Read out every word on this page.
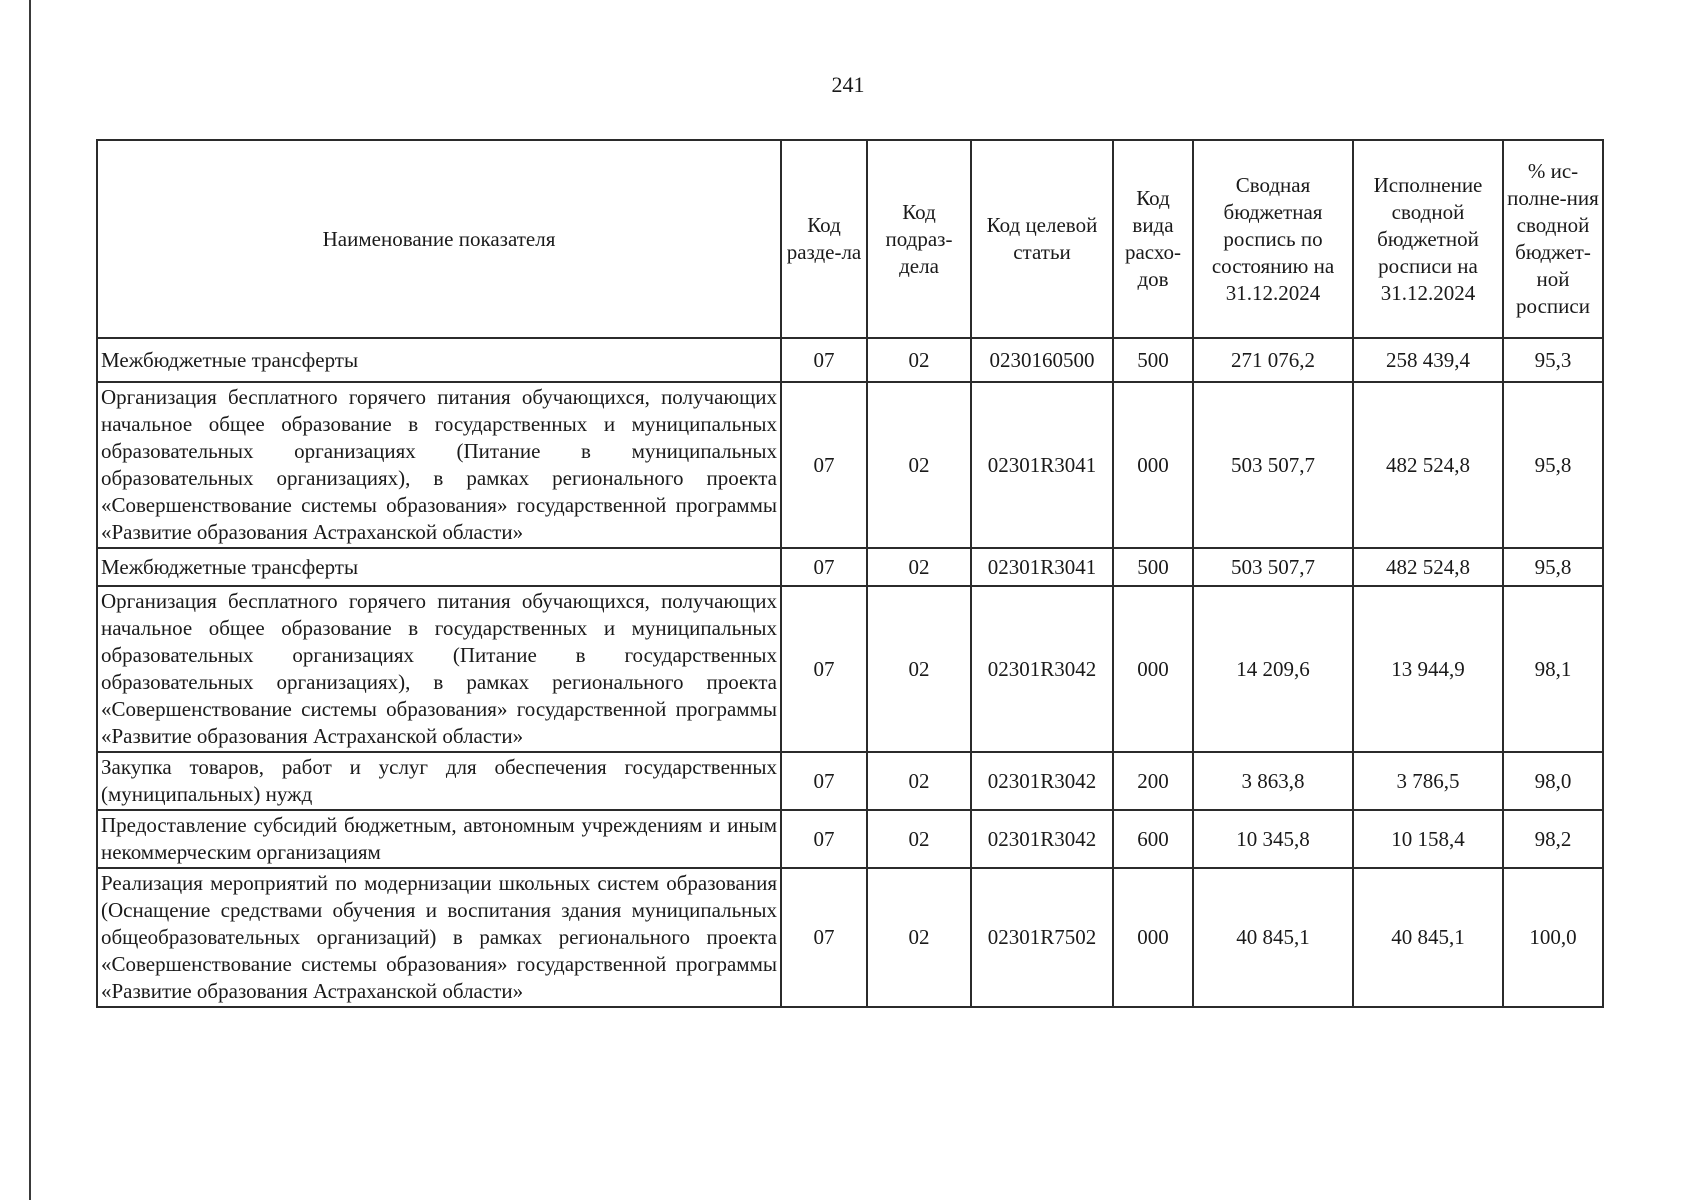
241
Наименование показателя	Код разде-ла	Код подраз-дела	Код целевой статьи	Код вида расхо-дов	Сводная бюджетная роспись по состоянию на 31.12.2024	Исполнение сводной бюджетной росписи на 31.12.2024	% ис-полне-ния сводной бюджет-ной росписи
Межбюджетные трансферты	07	02	0230160500	500	271 076,2	258 439,4	95,3
Организация бесплатного горячего питания обучающихся, получающих начальное общее образование в государственных и муниципальных образовательных организациях (Питание в муниципальных образовательных организациях), в рамках регионального проекта «Совершенствование системы образования» государственной программы «Развитие образования Астраханской области»	07	02	02301R3041	000	503 507,7	482 524,8	95,8
Межбюджетные трансферты	07	02	02301R3041	500	503 507,7	482 524,8	95,8
Организация бесплатного горячего питания обучающихся, получающих начальное общее образование в государственных и муниципальных образовательных организациях (Питание в государственных образовательных организациях), в рамках регионального проекта «Совершенствование системы образования» государственной программы «Развитие образования Астраханской области»	07	02	02301R3042	000	14 209,6	13 944,9	98,1
Закупка товаров, работ и услуг для обеспечения государственных (муниципальных) нужд	07	02	02301R3042	200	3 863,8	3 786,5	98,0
Предоставление субсидий бюджетным, автономным учреждениям и иным некоммерческим организациям	07	02	02301R3042	600	10 345,8	10 158,4	98,2
Реализация мероприятий по модернизации школьных систем образования (Оснащение средствами обучения и воспитания здания муниципальных общеобразовательных организаций) в рамках регионального проекта «Совершенствование системы образования» государственной программы «Развитие образования Астраханской области»	07	02	02301R7502	000	40 845,1	40 845,1	100,0
